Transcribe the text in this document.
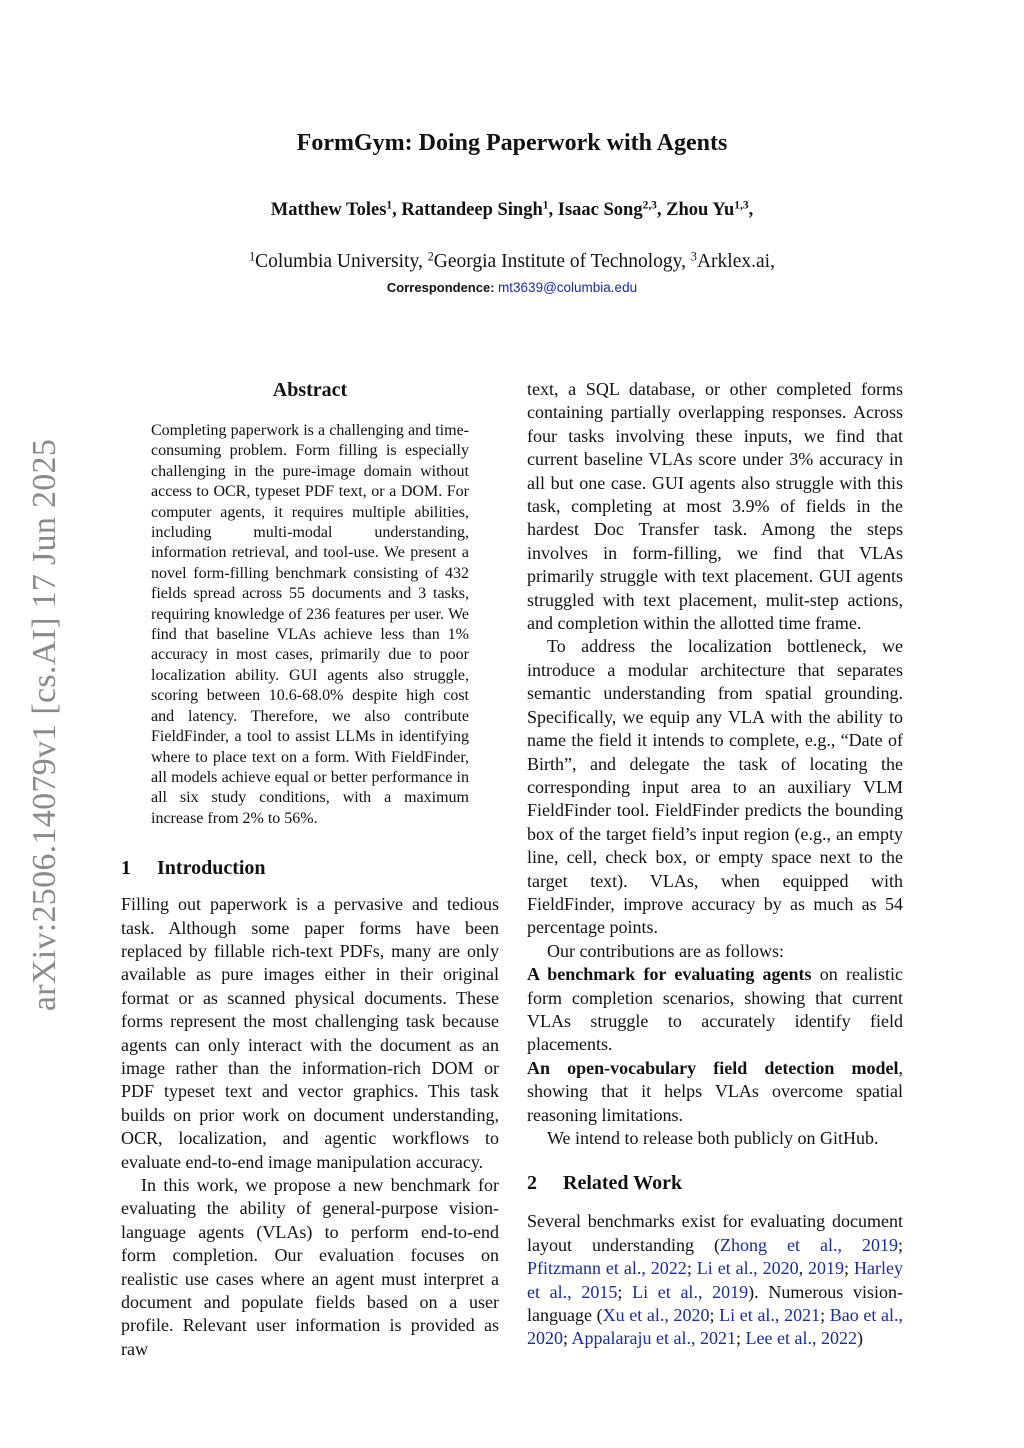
arXiv:2506.14079v1 [cs.AI] 17 Jun 2025
FormGym: Doing Paperwork with Agents
Matthew Toles$^1$, Rattandeep Singh$^1$, Isaac Song$^{2,3}$, Zhou Yu$^{1,3}$,
$^1$Columbia University, $^2$Georgia Institute of Technology, $^3$Arklex.ai,
Correspondence: mt3639@columbia.edu
Abstract

Completing paperwork is a challenging and time-consuming problem. Form filling is especially challenging in the pure-image domain without access to OCR, typeset PDF text, or a DOM. For computer agents, it requires multiple abilities, including multi-modal understanding, information retrieval, and tool-use. We present a novel form-filling benchmark consisting of 432 fields spread across 55 documents and 3 tasks, requiring knowledge of 236 features per user. We find that baseline VLAs achieve less than 1% accuracy in most cases, primarily due to poor localization ability. GUI agents also struggle, scoring between 10.6-68.0% despite high cost and latency. Therefore, we also contribute FieldFinder, a tool to assist LLMs in identifying where to place text on a form. With FieldFinder, all models achieve equal or better performance in all six study conditions, with a maximum increase from 2% to 56%.

1 Introduction

Filling out paperwork is a pervasive and tedious task. Although some paper forms have been replaced by fillable rich-text PDFs, many are only available as pure images either in their original format or as scanned physical documents. These forms represent the most challenging task because agents can only interact with the document as an image rather than the information-rich DOM or PDF typeset text and vector graphics. This task builds on prior work on document understanding, OCR, localization, and agentic workflows to evaluate end-to-end image manipulation accuracy.

In this work, we propose a new benchmark for evaluating the ability of general-purpose vision-language agents (VLAs) to perform end-to-end form completion. Our evaluation focuses on realistic use cases where an agent must interpret a document and populate fields based on a user profile. Relevant user information is provided as raw

text, a SQL database, or other completed forms containing partially overlapping responses. Across four tasks involving these inputs, we find that current baseline VLAs score under 3% accuracy in all but one case. GUI agents also struggle with this task, completing at most 3.9% of fields in the hardest Doc Transfer task. Among the steps involves in form-filling, we find that VLAs primarily struggle with text placement. GUI agents struggled with text placement, mulit-step actions, and completion within the allotted time frame.

To address the localization bottleneck, we introduce a modular architecture that separates semantic understanding from spatial grounding. Specifically, we equip any VLA with the ability to name the field it intends to complete, e.g., “Date of Birth”, and delegate the task of locating the corresponding input area to an auxiliary VLM FieldFinder tool. FieldFinder predicts the bounding box of the target field’s input region (e.g., an empty line, cell, check box, or empty space next to the target text). VLAs, when equipped with FieldFinder, improve accuracy by as much as 54 percentage points.

Our contributions are as follows:

A benchmark for evaluating agents on realistic form completion scenarios, showing that current VLAs struggle to accurately identify field placements.

An open-vocabulary field detection model, showing that it helps VLAs overcome spatial reasoning limitations.

We intend to release both publicly on GitHub.

2 Related Work

Several benchmarks exist for evaluating document layout understanding (Zhong et al., 2019; Pfitzmann et al., 2022; Li et al., 2020, 2019; Harley et al., 2015; Li et al., 2019). Numerous vision-language (Xu et al., 2020; Li et al., 2021; Bao et al., 2020; Appalaraju et al., 2021; Lee et al., 2022)
